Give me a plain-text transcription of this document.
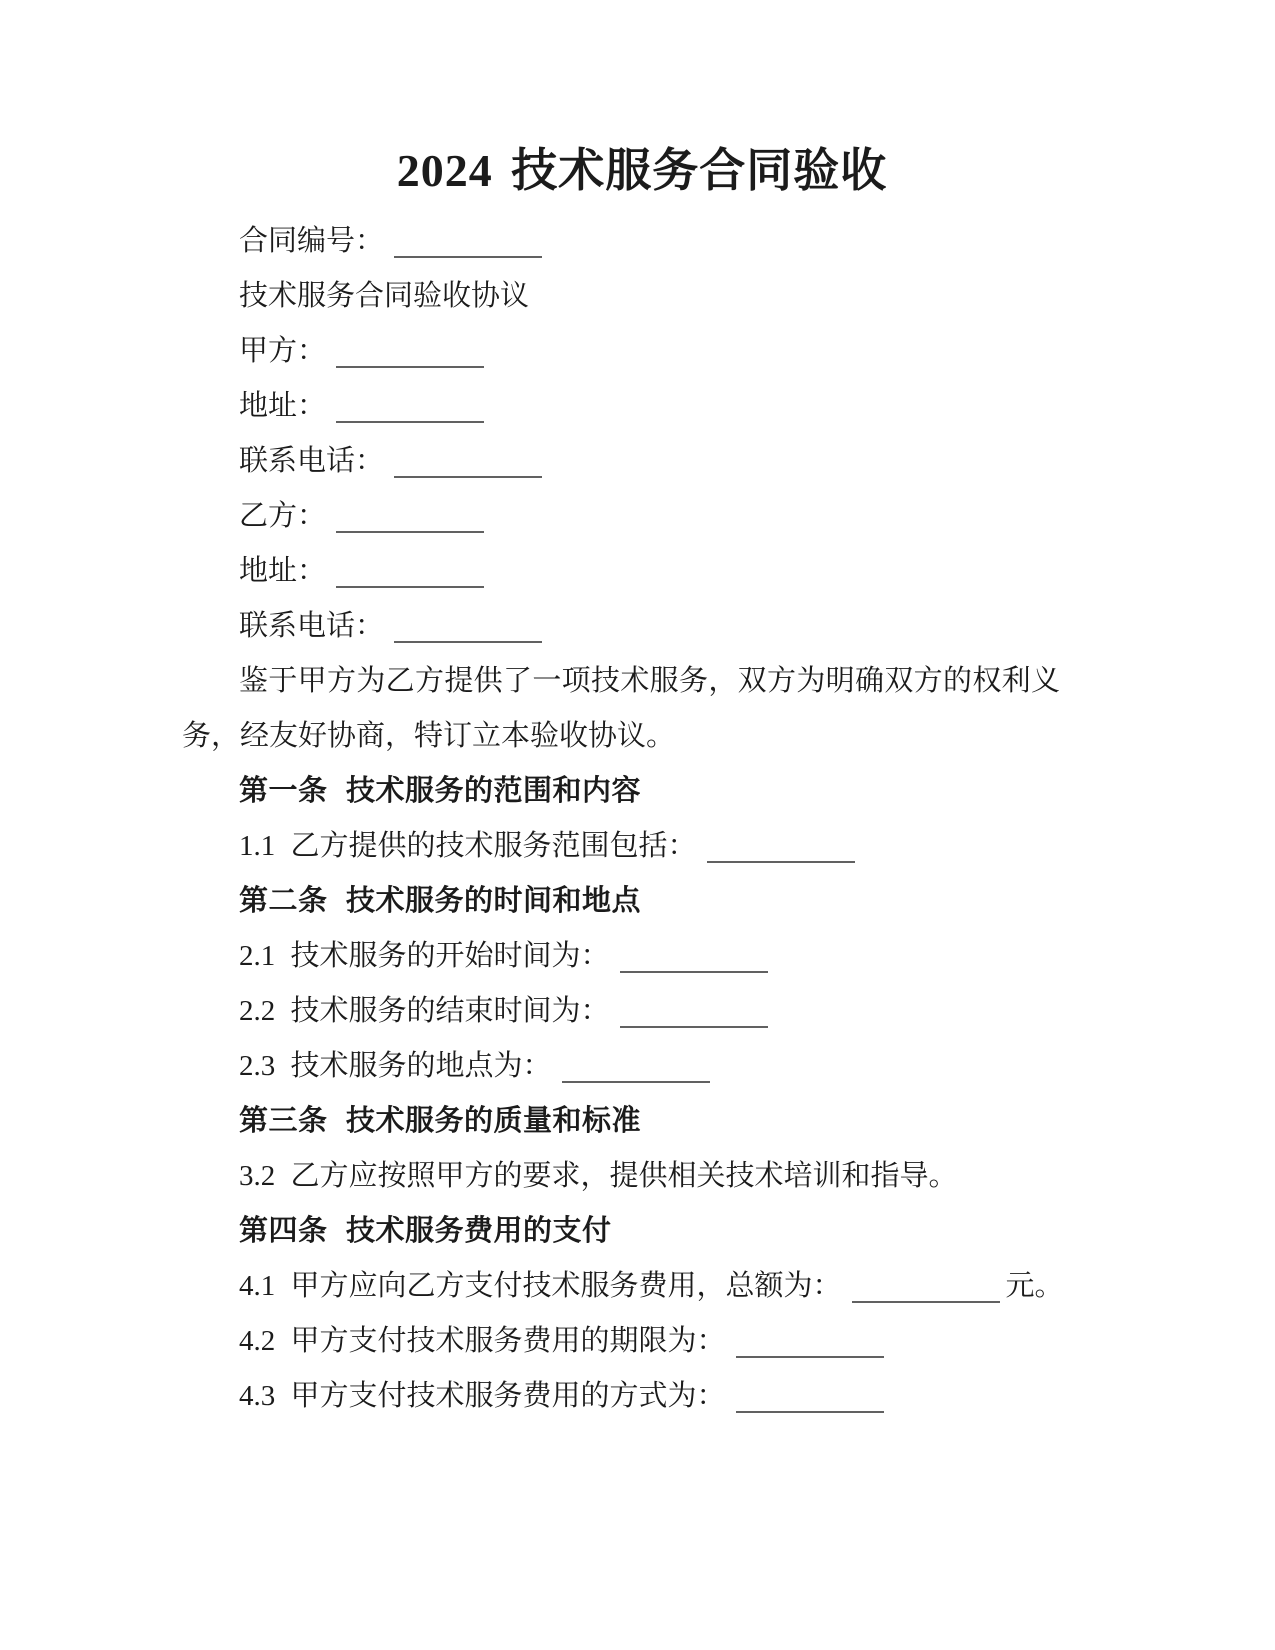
2024 技术服务合同验收

合同编号：

技术服务合同验收协议

甲方：

地址：

联系电话：

乙方：

地址：

联系电话：

鉴于甲方为乙方提供了一项技术服务，双方为明确双方的权利义务，经友好协商，特订立本验收协议。

第一条 技术服务的范围和内容

1.1 乙方提供的技术服务范围包括：

第二条 技术服务的时间和地点

2.1 技术服务的开始时间为：

2.2 技术服务的结束时间为：

2.3 技术服务的地点为：

第三条 技术服务的质量和标准

3.2 乙方应按照甲方的要求，提供相关技术培训和指导。

第四条 技术服务费用的支付

4.1 甲方应向乙方支付技术服务费用，总额为：	元。

4.2 甲方支付技术服务费用的期限为：

4.3 甲方支付技术服务费用的方式为：
